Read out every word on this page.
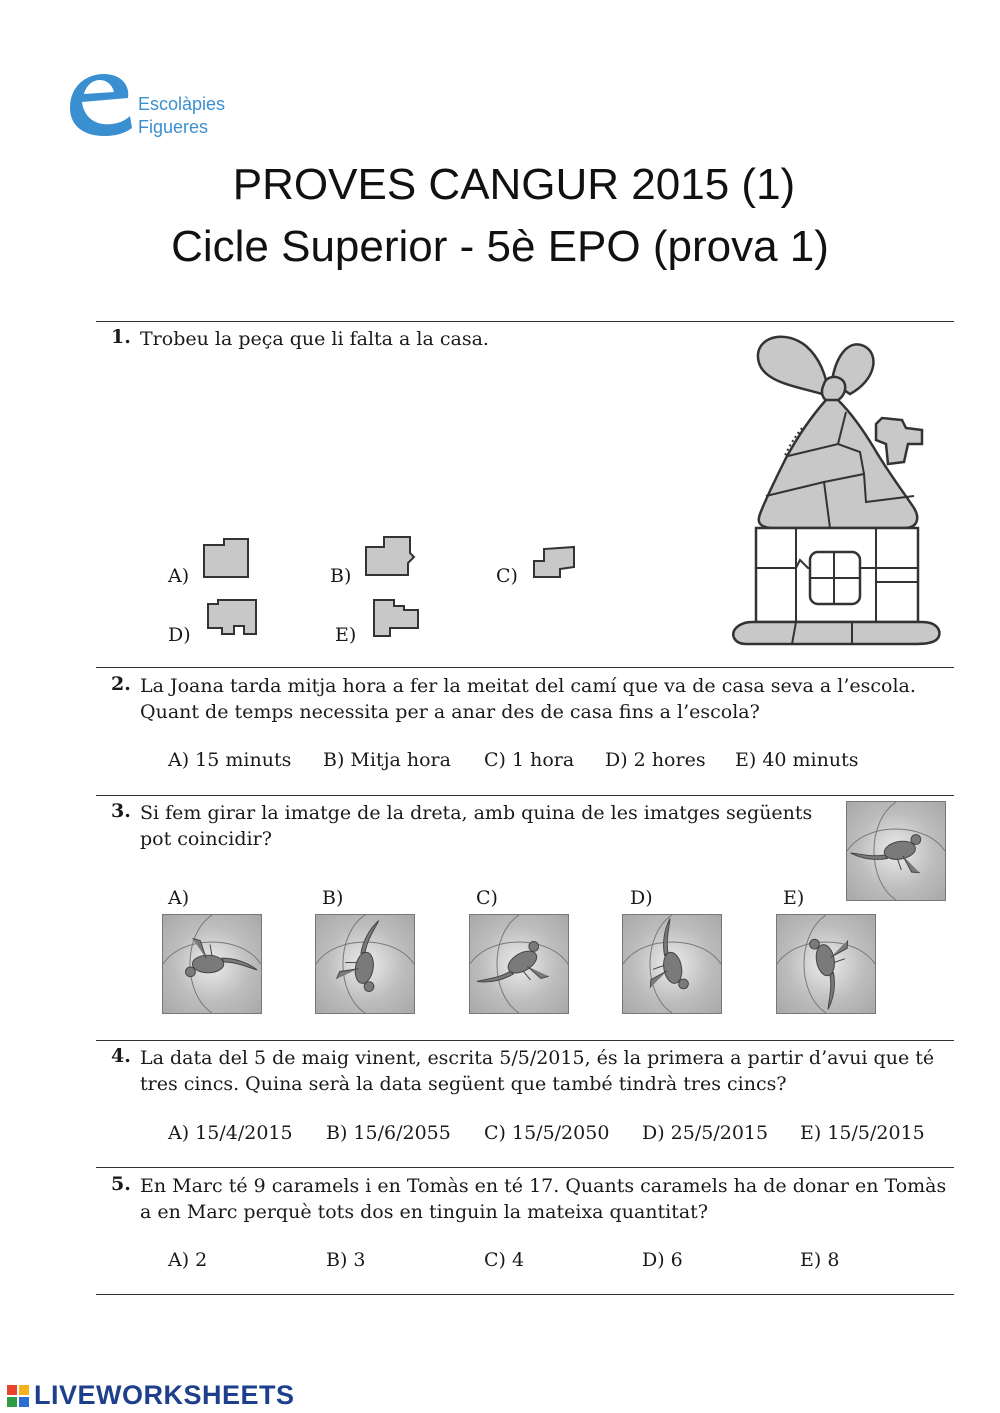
Escolàpies
Figueres
PROVES CANGUR 2015 (1)
Cicle Superior - 5è EPO (prova 1)
1. Trobeu la peça que li falta a la casa.
A)	B)	C)
D)	E)
2. La Joana tarda mitja hora a fer la meitat del camí que va de casa seva a l’escola.
Quant de temps necessita per a anar des de casa fins a l’escola?
A) 15 minuts B) Mitja hora C) 1 hora D) 2 hores E) 40 minuts
3. Si fem girar la imatge de la dreta, amb quina de les imatges següents
pot coincidir?
A)	B)	C)	D)	E)
4. La data del 5 de maig vinent, escrita 5/5/2015, és la primera a partir d’avui que té
tres cincs. Quina serà la data següent que també tindrà tres cincs?
A) 15/4/2015 B) 15/6/2055 C) 15/5/2050 D) 25/5/2015 E) 15/5/2015
5. En Marc té 9 caramels i en Tomàs en té 17. Quants caramels ha de donar en Tomàs
a en Marc perquè tots dos en tinguin la mateixa quantitat?
A) 2	B) 3	C) 4	D) 6	E) 8
LIVEWORKSHEETS
